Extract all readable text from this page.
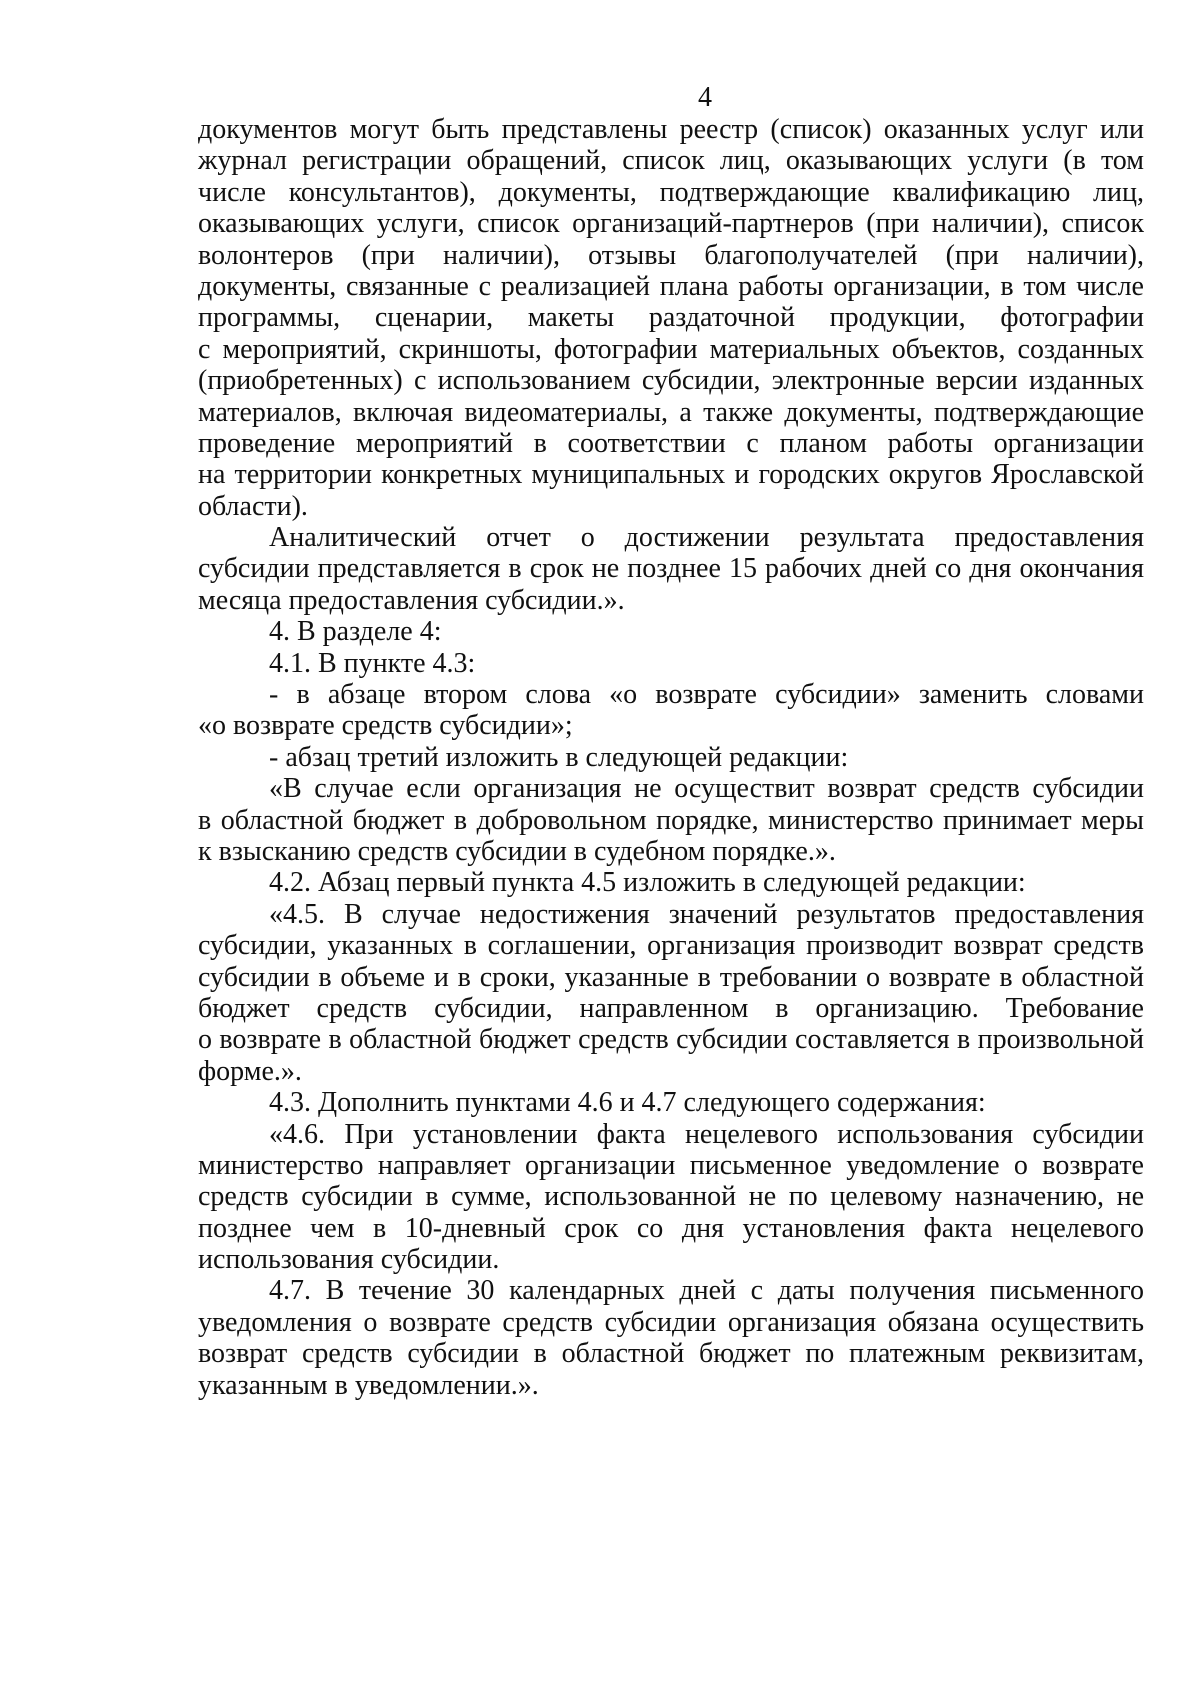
4
документов могут быть представлены реестр (список) оказанных услуг или
журнал регистрации обращений, список лиц, оказывающих услуги (в том
числе консультантов), документы, подтверждающие квалификацию лиц,
оказывающих услуги, список организаций-партнеров (при наличии), список
волонтеров (при наличии), отзывы благополучателей (при наличии),
документы, связанные с реализацией плана работы организации, в том числе
программы, сценарии, макеты раздаточной продукции, фотографии
с мероприятий, скриншоты, фотографии материальных объектов, созданных
(приобретенных) с использованием субсидии, электронные версии изданных
материалов, включая видеоматериалы, а также документы, подтверждающие
проведение мероприятий в соответствии с планом работы организации
на территории конкретных муниципальных и городских округов Ярославской
области).
Аналитический отчет о достижении результата предоставления
субсидии представляется в срок не позднее 15 рабочих дней со дня окончания
месяца предоставления субсидии.».
4. В разделе 4:
4.1. В пункте 4.3:
- в абзаце втором слова «о возврате субсидии» заменить словами
«о возврате средств субсидии»;
- абзац третий изложить в следующей редакции:
«В случае если организация не осуществит возврат средств субсидии
в областной бюджет в добровольном порядке, министерство принимает меры
к взысканию средств субсидии в судебном порядке.».
4.2. Абзац первый пункта 4.5 изложить в следующей редакции:
«4.5. В случае недостижения значений результатов предоставления
субсидии, указанных в соглашении, организация производит возврат средств
субсидии в объеме и в сроки, указанные в требовании о возврате в областной
бюджет средств субсидии, направленном в организацию. Требование
о возврате в областной бюджет средств субсидии составляется в произвольной
форме.».
4.3. Дополнить пунктами 4.6 и 4.7 следующего содержания:
«4.6. При установлении факта нецелевого использования субсидии
министерство направляет организации письменное уведомление о возврате
средств субсидии в сумме, использованной не по целевому назначению, не
позднее чем в 10-дневный срок со дня установления факта нецелевого
использования субсидии.
4.7. В течение 30 календарных дней с даты получения письменного
уведомления о возврате средств субсидии организация обязана осуществить
возврат средств субсидии в областной бюджет по платежным реквизитам,
указанным в уведомлении.».
